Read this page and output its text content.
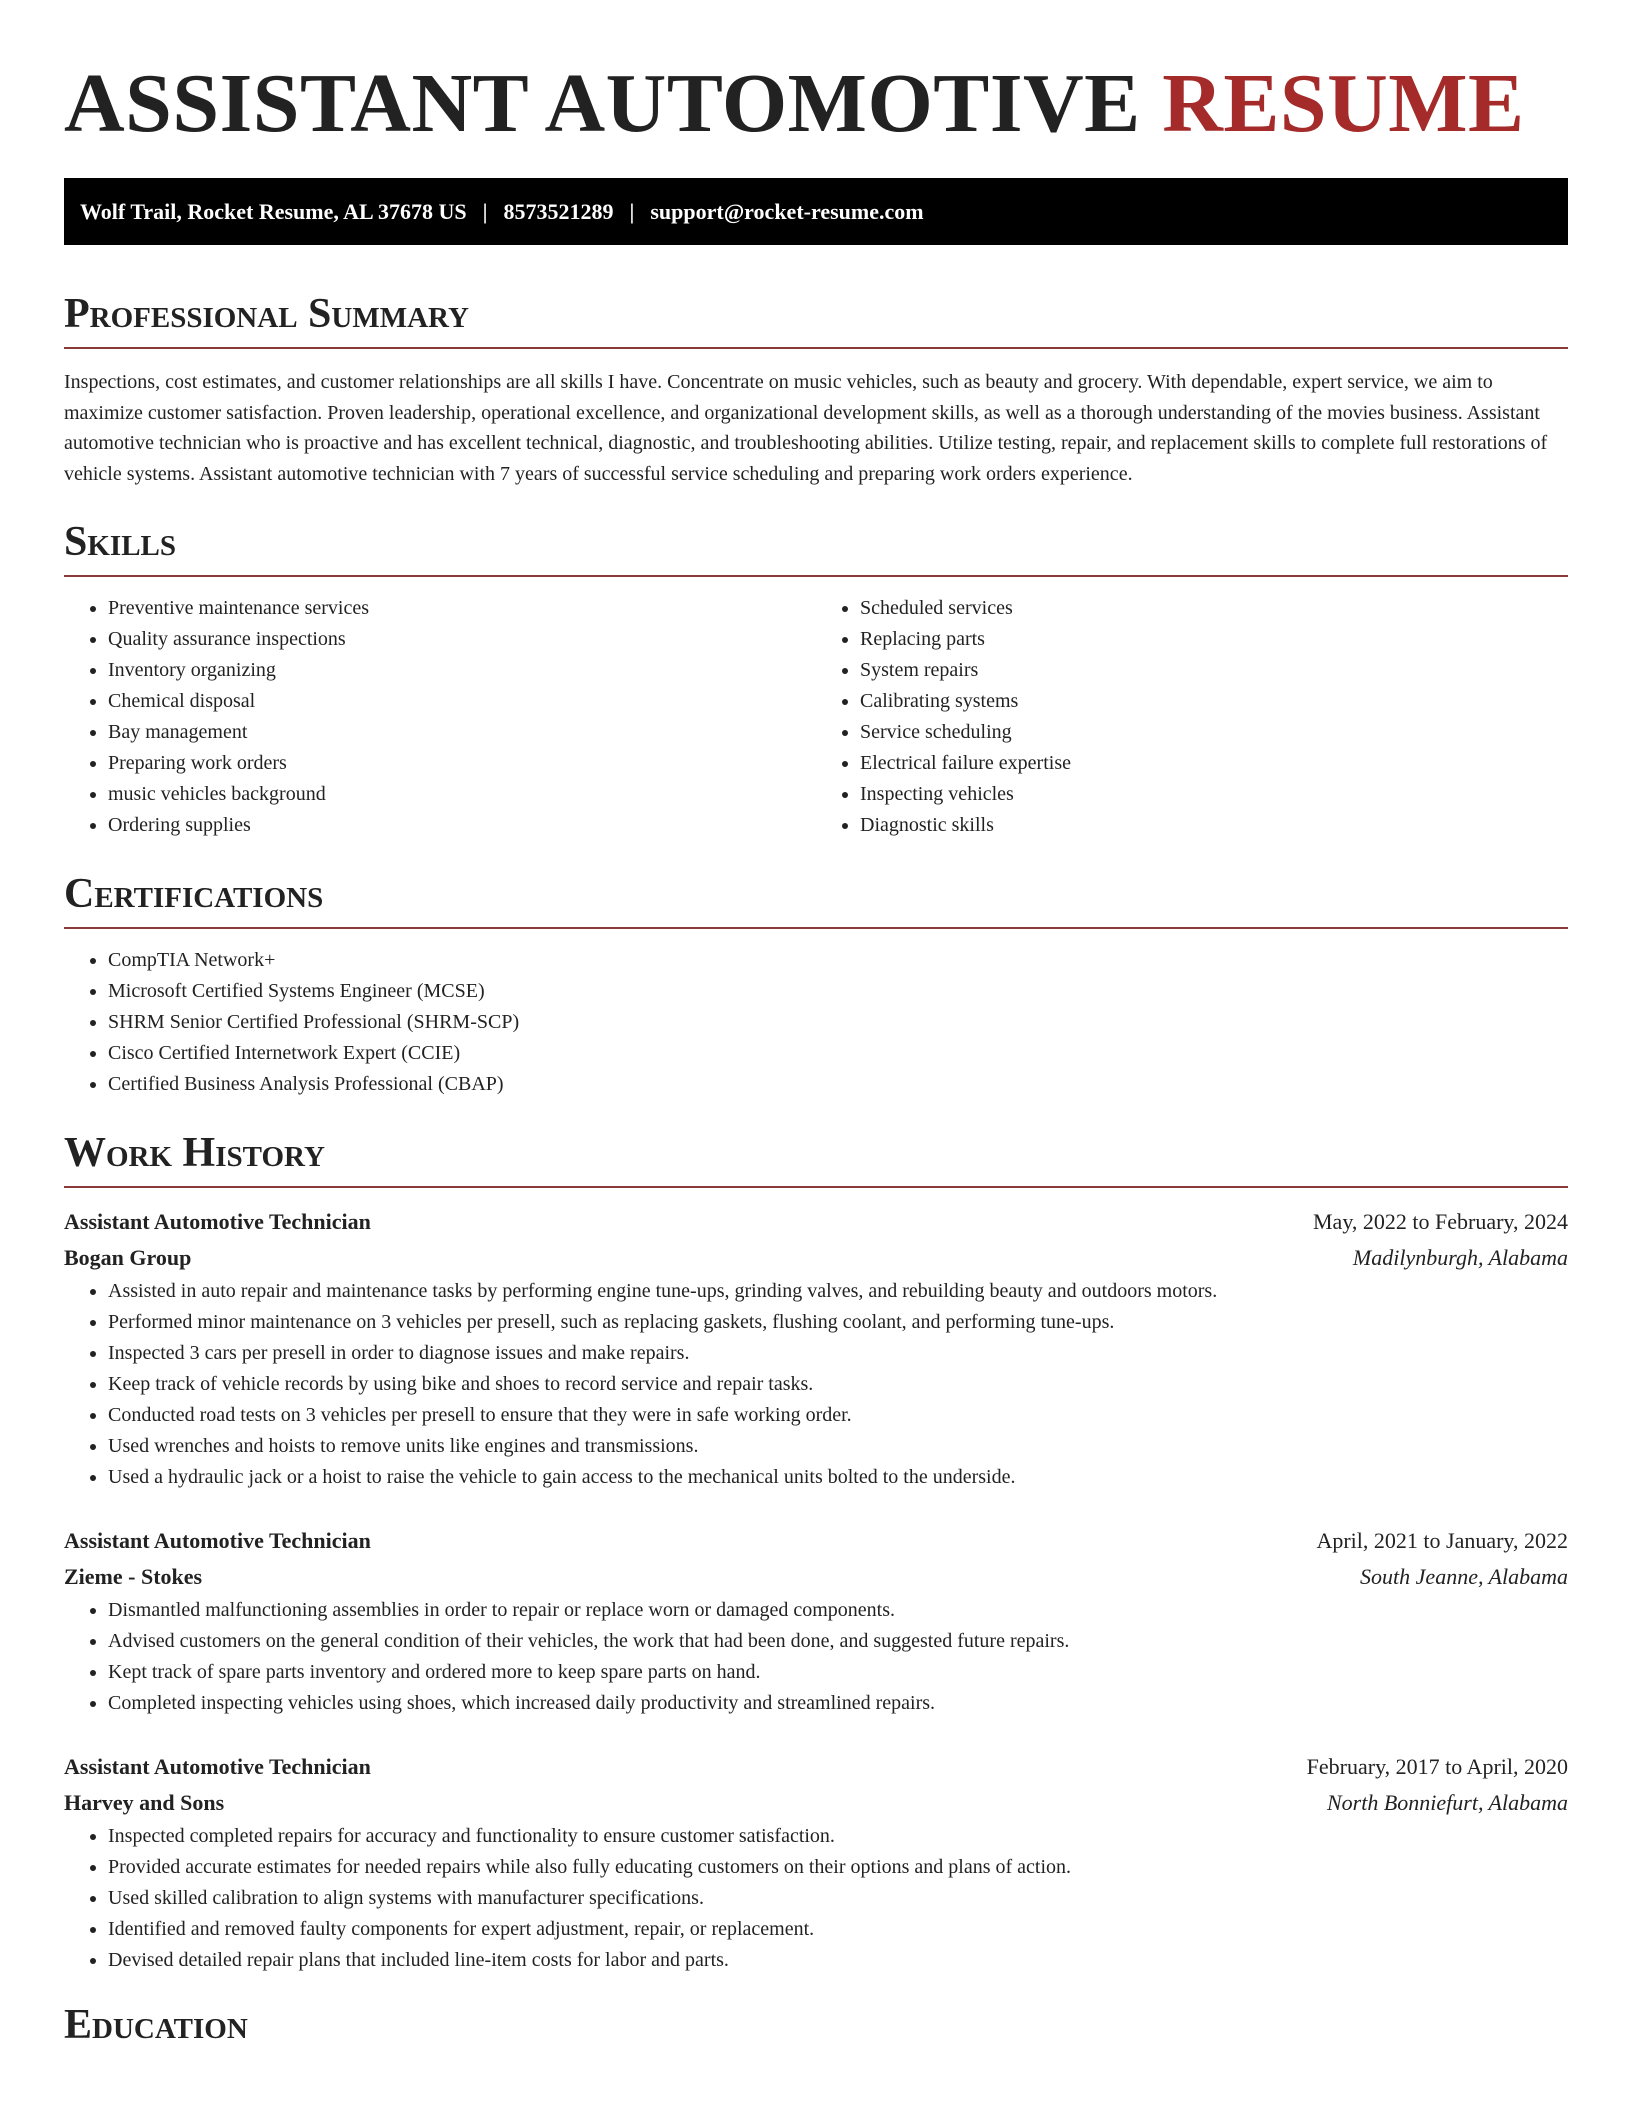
ASSISTANT AUTOMOTIVE RESUME
Wolf Trail, Rocket Resume, AL 37678 US | 8573521289 | support@rocket-resume.com
Professional Summary

Inspections, cost estimates, and customer relationships are all skills I have. Concentrate on music vehicles, such as beauty and grocery. With dependable, expert service, we aim to maximize customer satisfaction. Proven leadership, operational excellence, and organizational development skills, as well as a thorough understanding of the movies business. Assistant automotive technician who is proactive and has excellent technical, diagnostic, and troubleshooting abilities. Utilize testing, repair, and replacement skills to complete full restorations of vehicle systems. Assistant automotive technician with 7 years of successful service scheduling and preparing work orders experience.

Skills
• Preventive maintenance services
• Quality assurance inspections
• Inventory organizing
• Chemical disposal
• Bay management
• Preparing work orders
• music vehicles background
• Ordering supplies
• Scheduled services
• Replacing parts
• System repairs
• Calibrating systems
• Service scheduling
• Electrical failure expertise
• Inspecting vehicles
• Diagnostic skills
Certifications
• CompTIA Network+
• Microsoft Certified Systems Engineer (MCSE)
• SHRM Senior Certified Professional (SHRM-SCP)
• Cisco Certified Internetwork Expert (CCIE)
• Certified Business Analysis Professional (CBAP)
Work History
Assistant Automotive Technician	May, 2022 to February, 2024
Bogan Group	Madilynburgh, Alabama
• Assisted in auto repair and maintenance tasks by performing engine tune-ups, grinding valves, and rebuilding beauty and outdoors motors.
• Performed minor maintenance on 3 vehicles per presell, such as replacing gaskets, flushing coolant, and performing tune-ups.
• Inspected 3 cars per presell in order to diagnose issues and make repairs.
• Keep track of vehicle records by using bike and shoes to record service and repair tasks.
• Conducted road tests on 3 vehicles per presell to ensure that they were in safe working order.
• Used wrenches and hoists to remove units like engines and transmissions.
• Used a hydraulic jack or a hoist to raise the vehicle to gain access to the mechanical units bolted to the underside.
Assistant Automotive Technician	April, 2021 to January, 2022
Zieme - Stokes	South Jeanne, Alabama
• Dismantled malfunctioning assemblies in order to repair or replace worn or damaged components.
• Advised customers on the general condition of their vehicles, the work that had been done, and suggested future repairs.
• Kept track of spare parts inventory and ordered more to keep spare parts on hand.
• Completed inspecting vehicles using shoes, which increased daily productivity and streamlined repairs.
Assistant Automotive Technician	February, 2017 to April, 2020
Harvey and Sons	North Bonniefurt, Alabama
• Inspected completed repairs for accuracy and functionality to ensure customer satisfaction.
• Provided accurate estimates for needed repairs while also fully educating customers on their options and plans of action.
• Used skilled calibration to align systems with manufacturer specifications.
• Identified and removed faulty components for expert adjustment, repair, or replacement.
• Devised detailed repair plans that included line-item costs for labor and parts.
Education
